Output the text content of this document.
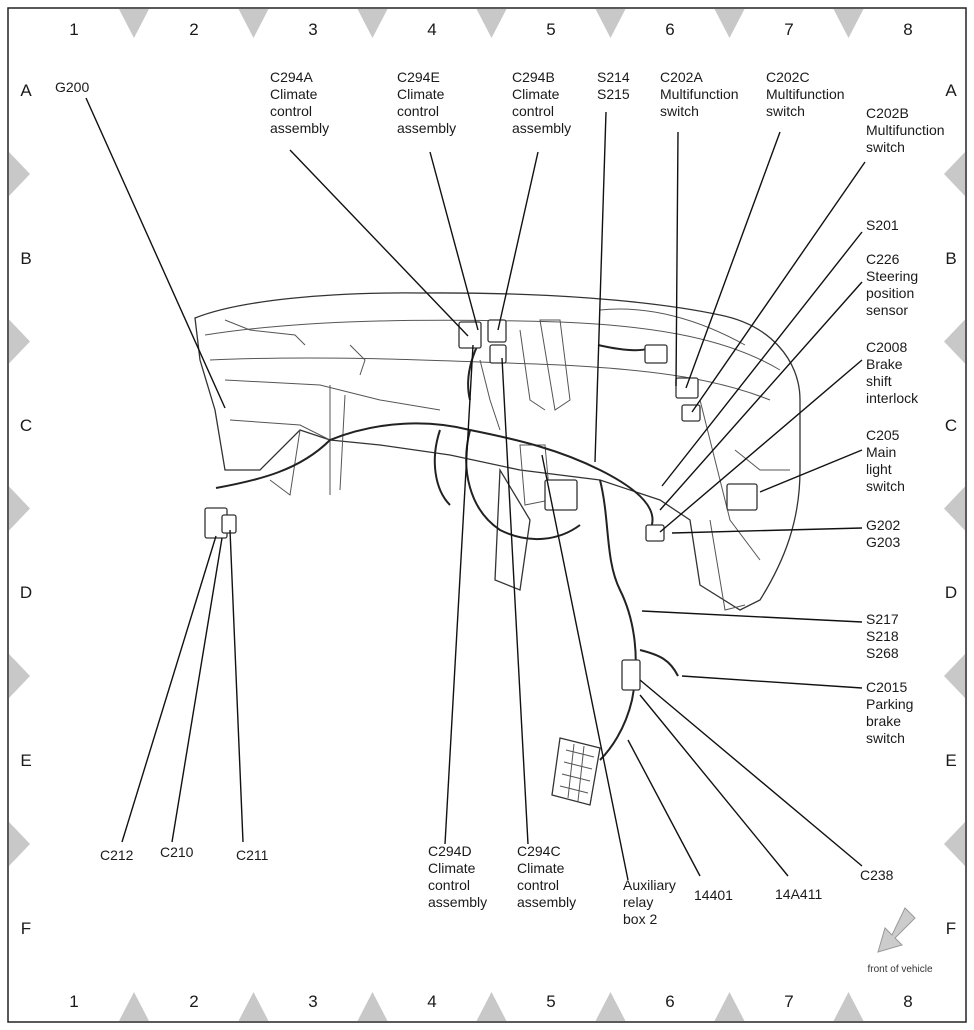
1
1
2
2
3
3
4
4
5
5
6
6
7
7
8
8
A	A
B	B
C	C
D	D
E	E
F	F
G200
C294A
Climate
control
assembly
C294E
Climate
control
assembly
C294B
Climate
control
assembly
S214
S215
C202A
Multifunction
switch
C202C
Multifunction
switch	C202B
Multifunction
switch
S201
C226
Steering
position
sensor
C2008
Brake
shift
interlock
C205
Main
light
switch
G202
G203
S217
S218
S268
C2015
Parking
brake
switch
C238
C212 C210	C211	C294D
Climate
control
assembly
C294C
Climate
control
assembly
Auxiliary
relay
box 2
14401	14A411
front of vehicle
